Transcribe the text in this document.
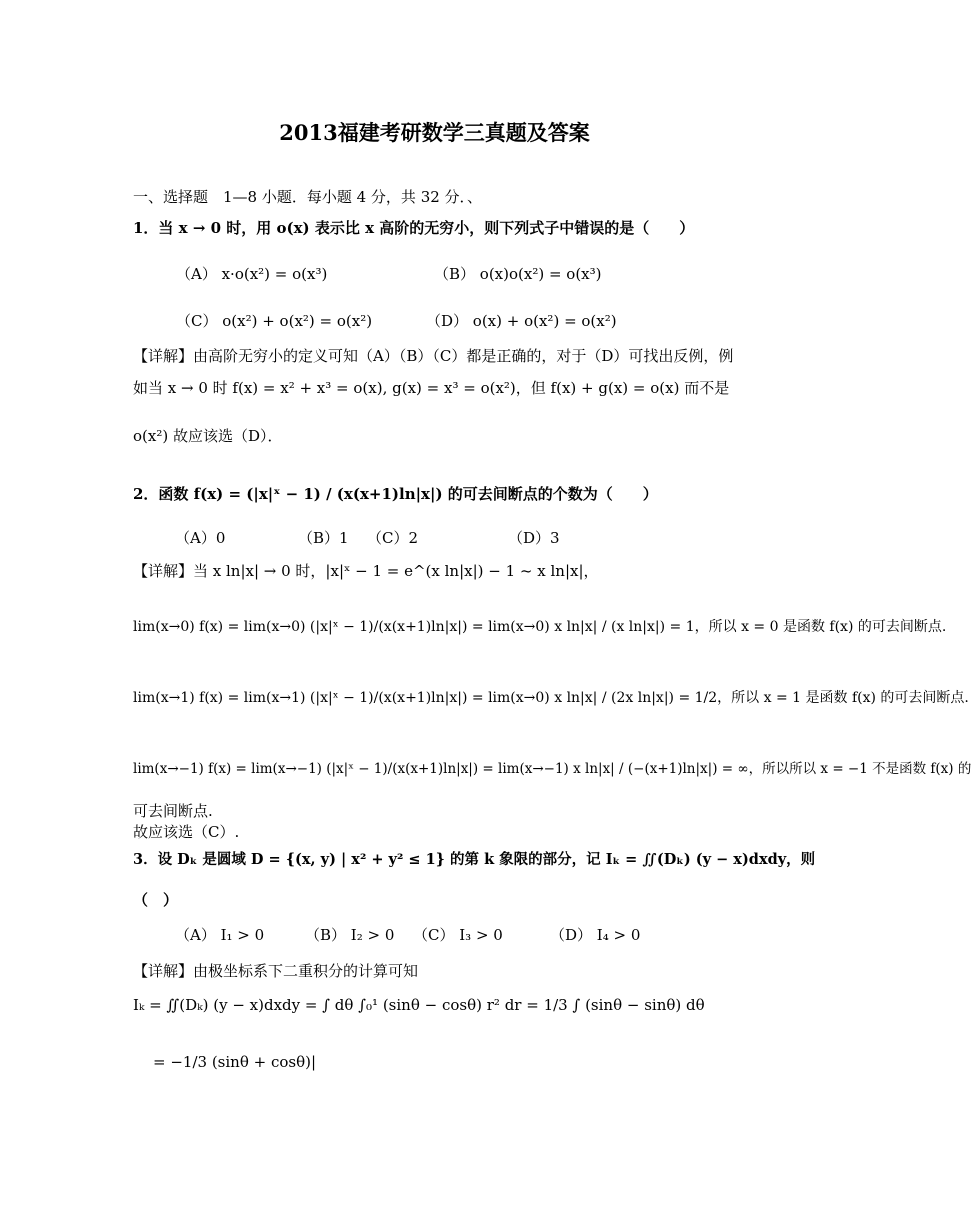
2013福建考研数学三真题及答案
一、选择题　1—8 小题．每小题 4 分，共 32 分．、
1．当 x → 0 时，用 o(x) 表示比 x 高阶的无穷小，则下列式子中错误的是（　　）
（A） x·o(x²) = o(x³)	（B） o(x)o(x²) = o(x³)
（C） o(x²) + o(x²) = o(x²)	（D） o(x) + o(x²) = o(x²)
【详解】由高阶无穷小的定义可知（A）（B）（C）都是正确的，对于（D）可找出反例，例
如当 x → 0 时 f(x) = x² + x³ = o(x), g(x) = x³ = o(x²)，但 f(x) + g(x) = o(x) 而不是
o(x²) 故应该选（D）．
2．函数 f(x) = (|x|ˣ − 1) / (x(x+1)ln|x|) 的可去间断点的个数为（　　）
（A）0	（B）1 （C）2	（D）3
【详解】当 x ln|x| → 0 时，|x|ˣ − 1 = e^(x ln|x|) − 1 ~ x ln|x|，
lim(x→0) f(x) = lim(x→0) (|x|ˣ − 1)/(x(x+1)ln|x|) = lim(x→0) x ln|x| / (x ln|x|) = 1，所以 x = 0 是函数 f(x) 的可去间断点.
lim(x→1) f(x) = lim(x→1) (|x|ˣ − 1)/(x(x+1)ln|x|) = lim(x→0) x ln|x| / (2x ln|x|) = 1/2，所以 x = 1 是函数 f(x) 的可去间断点.
lim(x→−1) f(x) = lim(x→−1) (|x|ˣ − 1)/(x(x+1)ln|x|) = lim(x→−1) x ln|x| / (−(x+1)ln|x|) = ∞，所以所以 x = −1 不是函数 f(x) 的
可去间断点.
故应该选（C）.
3．设 Dₖ 是圆域 D = {(x, y) | x² + y² ≤ 1} 的第 k 象限的部分，记 Iₖ = ∬(Dₖ) (y − x)dxdy，则
（　）
（A） I₁ > 0	（B） I₂ > 0 （C） I₃ > 0	（D） I₄ > 0
【详解】由极坐标系下二重积分的计算可知
Iₖ = ∬(Dₖ) (y − x)dxdy = ∫ dθ ∫₀¹ (sinθ − cosθ) r² dr = 1/3 ∫ (sinθ − sinθ) dθ
= −1/3 (sinθ + cosθ)|
